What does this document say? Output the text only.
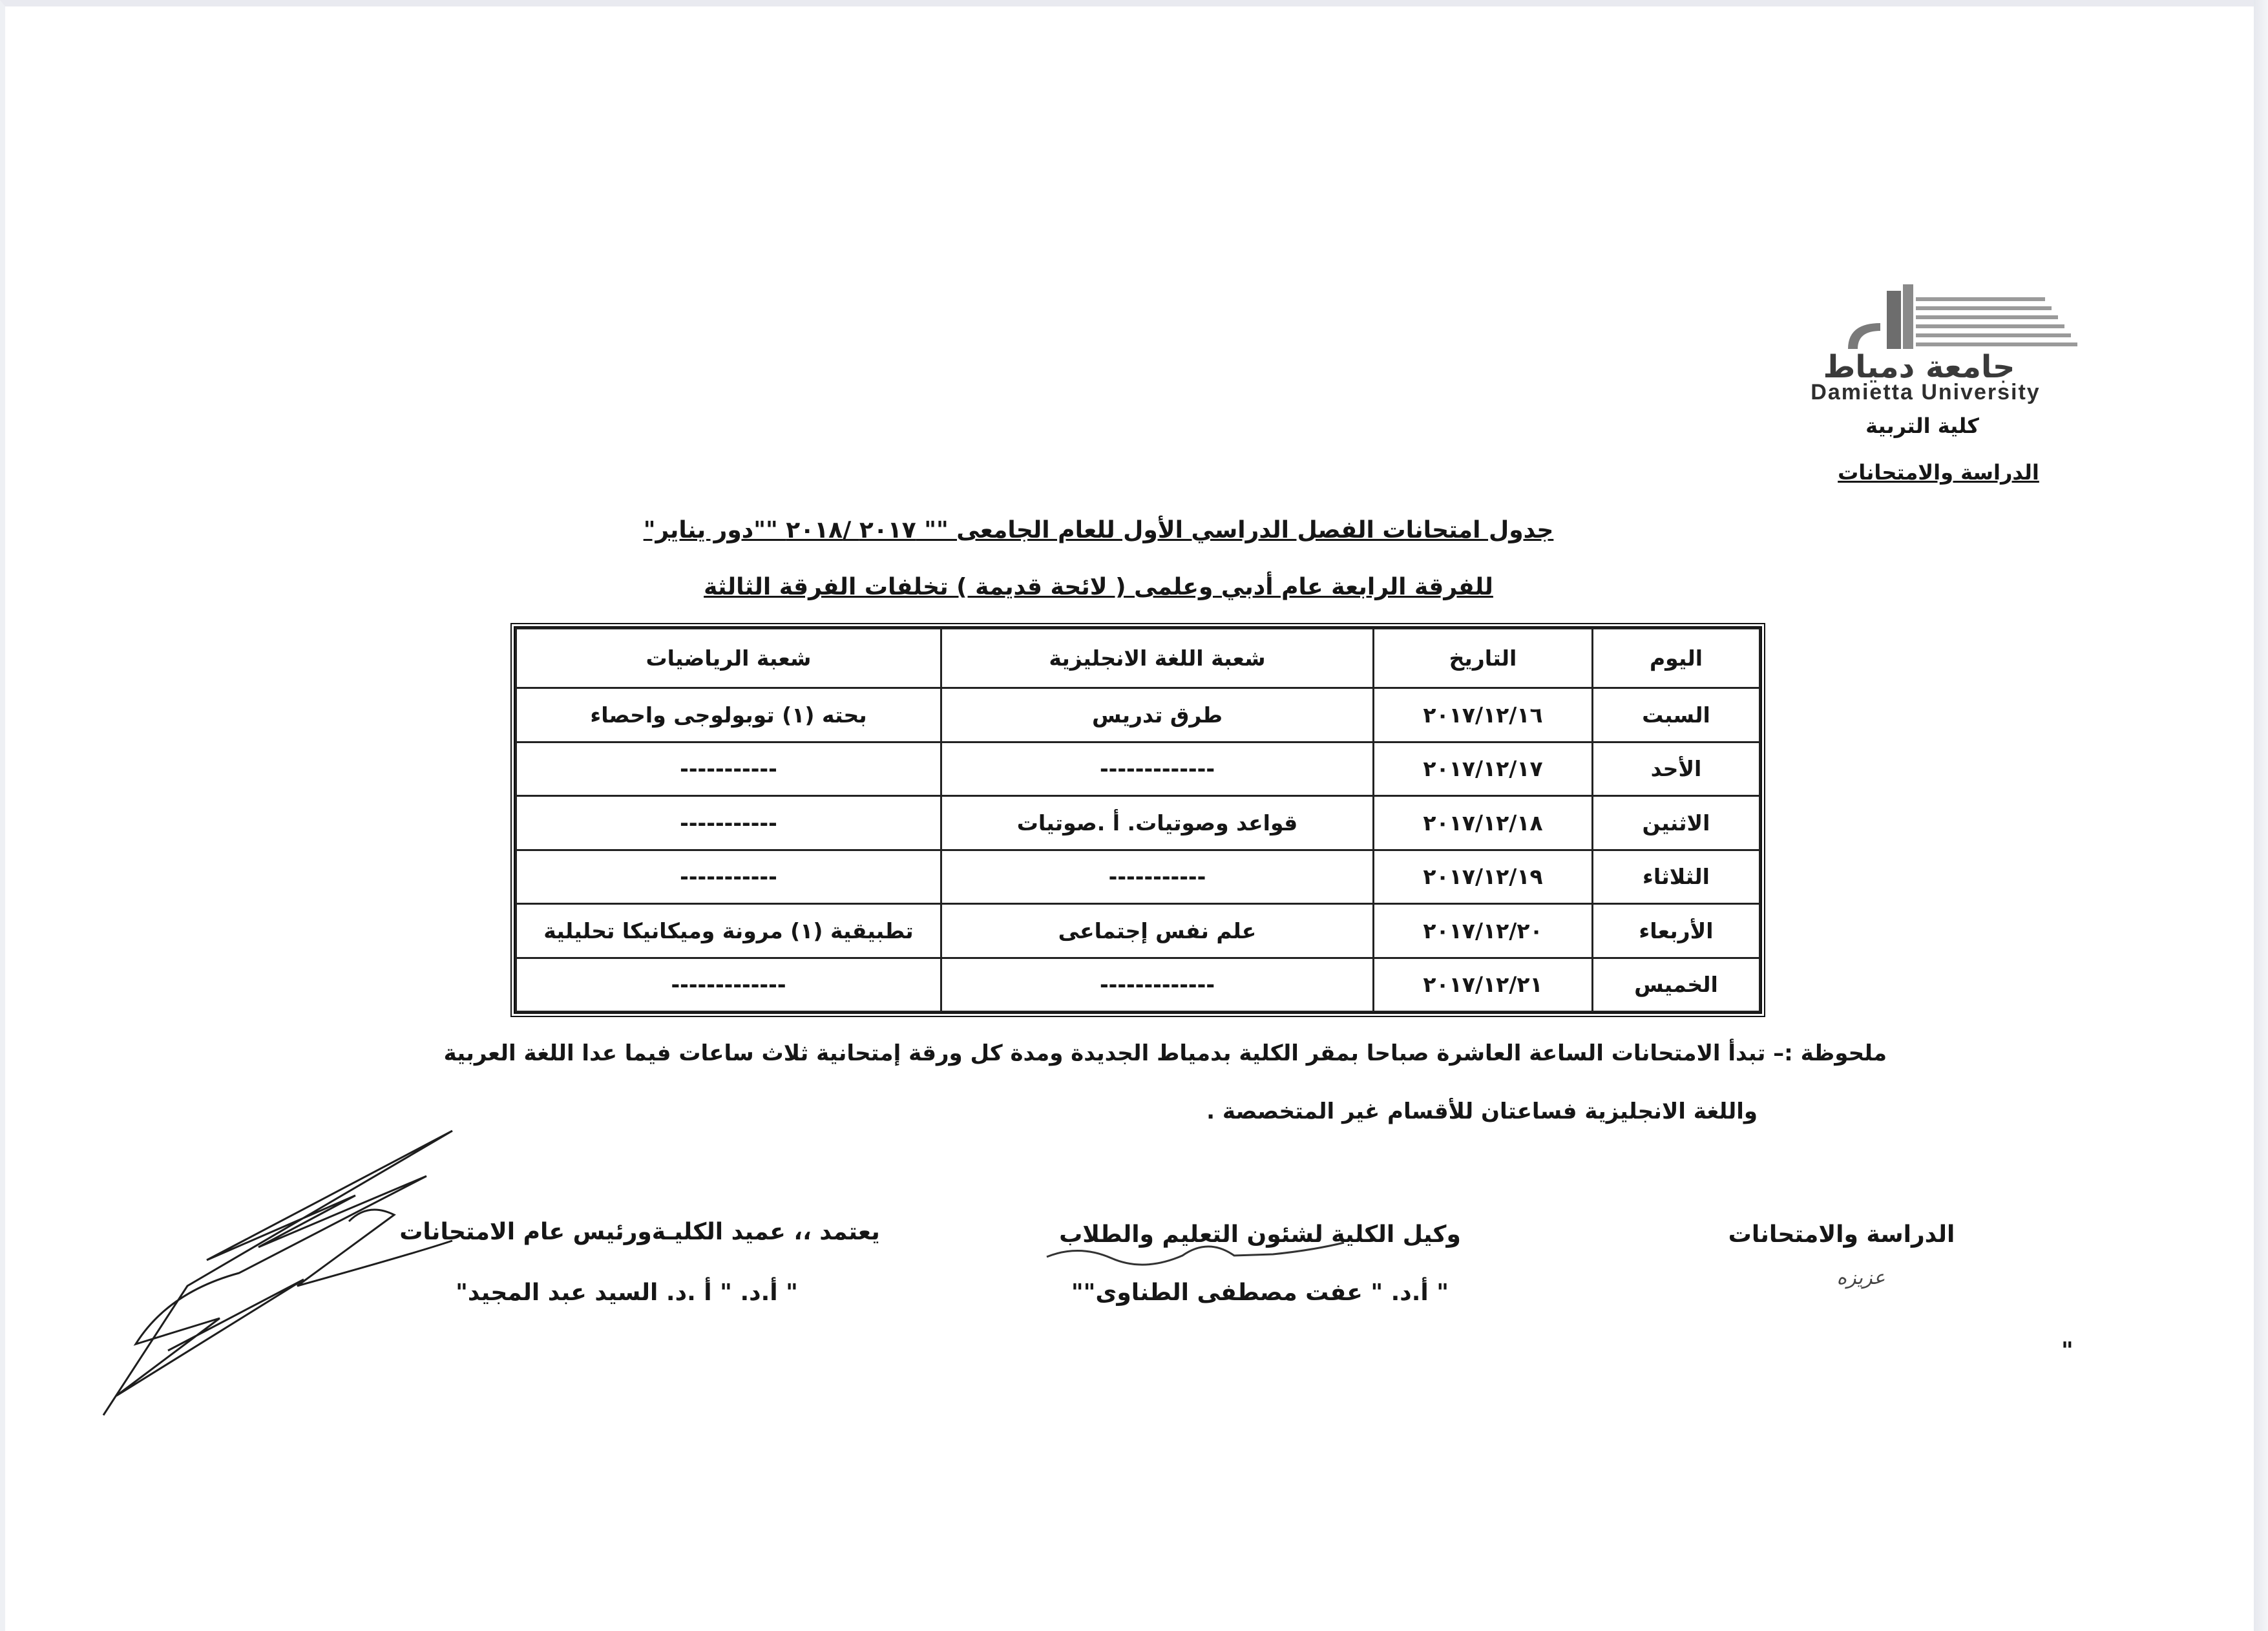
جامعة دمياط
Damietta University
كلية التربية
الدراسة والامتحانات
جدول امتحانات الفصل الدراسي الأول للعام الجامعى "" ٢٠١٧ /٢٠١٨ ""دور يناير"
للفرقة الرابعة عام أدبي وعلمى ( لائحة قديمة ) تخلفات الفرقة الثالثة
اليوم	التاريخ	شعبة اللغة الانجليزية	شعبة الرياضيات
السبت	٢٠١٧/١٢/١٦	طرق تدريس	بحته (١) توبولوجى واحصاء
الأحد	٢٠١٧/١٢/١٧	-------------	-----------
الاثنين	٢٠١٧/١٢/١٨	قواعد وصوتيات. أ .صوتيات	-----------
الثلاثاء	٢٠١٧/١٢/١٩	-----------	-----------
الأربعاء	٢٠١٧/١٢/٢٠	علم نفس إجتماعى	تطبيقية (١) مرونة وميكانيكا تحليلية
الخميس	٢٠١٧/١٢/٢١	-------------	-------------
ملحوظة :– تبدأ الامتحانات الساعة العاشرة صباحا بمقر الكلية بدمياط الجديدة ومدة كل ورقة إمتحانية ثلاث ساعات فيما عدا اللغة العربية
واللغة الانجليزية فساعتان للأقسام غير المتخصصة .
الدراسة والامتحانات
عزيزه
وكيل الكلية لشئون التعليم والطلاب
" أ.د. " عفت مصطفى الطناوى""
يعتمد ،، عميد الكليـةورئيس عام الامتحانات
" أ.د. " أ .د. السيد عبد المجيد"
"
